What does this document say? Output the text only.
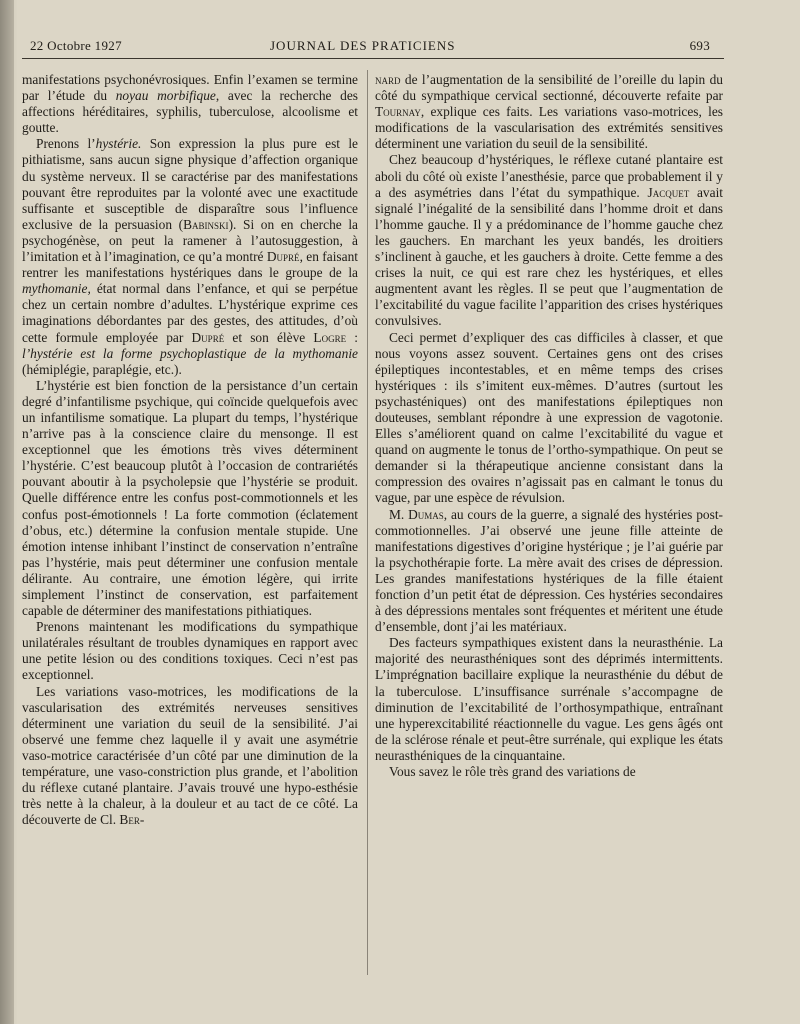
22 Octobre 1927	JOURNAL DES PRATICIENS	693

manifestations psychonévrosiques. Enfin l’examen se termine par l’étude du noyau morbifique, avec la recherche des affections héréditaires, syphilis, tuberculose, alcoolisme et goutte.

Prenons l’hystérie. Son expression la plus pure est le pithiatisme, sans aucun signe physique d’affection organique du système nerveux. Il se caractérise par des manifestations pouvant être reproduites par la volonté avec une exactitude suffisante et susceptible de disparaître sous l’influence exclusive de la persuasion (Babinski). Si on en cherche la psychogénèse, on peut la ramener à l’autosuggestion, à l’imitation et à l’imagination, ce qu’a montré Dupré, en faisant rentrer les manifestations hystériques dans le groupe de la mythomanie, état normal dans l’enfance, et qui se perpétue chez un certain nombre d’adultes. L’hystérique exprime ces imaginations débordantes par des gestes, des attitudes, d’où cette formule employée par Dupré et son élève Logre : l’hystérie est la forme psychoplastique de la mythomanie (hémiplégie, paraplégie, etc.).

L’hystérie est bien fonction de la persistance d’un certain degré d’infantilisme psychique, qui coïncide quelquefois avec un infantilisme somatique. La plupart du temps, l’hystérique n’arrive pas à la conscience claire du mensonge. Il est exceptionnel que les émotions très vives déterminent l’hystérie. C’est beaucoup plutôt à l’occasion de contrariétés pouvant aboutir à la psycholepsie que l’hystérie se produit. Quelle différence entre les confus post-commotionnels et les confus post-émotionnels ! La forte commotion (éclatement d’obus, etc.) détermine la confusion mentale stupide. Une émotion intense inhibant l’instinct de conservation n’entraîne pas l’hystérie, mais peut déterminer une confusion mentale délirante. Au contraire, une émotion légère, qui irrite simplement l’instinct de conservation, est parfaitement capable de déterminer des manifestations pithiatiques.

Prenons maintenant les modifications du sympathique unilatérales résultant de troubles dynamiques en rapport avec une petite lésion ou des conditions toxiques. Ceci n’est pas exceptionnel.

Les variations vaso-motrices, les modifications de la vascularisation des extrémités nerveuses sensitives déterminent une variation du seuil de la sensibilité. J’ai observé une femme chez laquelle il y avait une asymétrie vaso-motrice caractérisée d’un côté par une diminution de la température, une vaso-constriction plus grande, et l’abolition du réflexe cutané plantaire. J’avais trouvé une hypo-esthésie très nette à la chaleur, à la douleur et au tact de ce côté. La découverte de Cl. Ber-

nard de l’augmentation de la sensibilité de l’oreille du lapin du côté du sympathique cervical sectionné, découverte refaite par Tournay, explique ces faits. Les variations vaso-motrices, les modifications de la vascularisation des extrémités sensitives déterminent une variation du seuil de la sensibilité.

Chez beaucoup d’hystériques, le réflexe cutané plantaire est aboli du côté où existe l’anesthésie, parce que probablement il y a des asymétries dans l’état du sympathique. Jacquet avait signalé l’inégalité de la sensibilité dans l’homme droit et dans l’homme gauche. Il y a prédominance de l’homme gauche chez les gauchers. En marchant les yeux bandés, les droitiers s’inclinent à gauche, et les gauchers à droite. Cette femme a des crises la nuit, ce qui est rare chez les hystériques, et elles augmentent avant les règles. Il se peut que l’augmentation de l’excitabilité du vague facilite l’apparition des crises hystériques convulsives.

Ceci permet d’expliquer des cas difficiles à classer, et que nous voyons assez souvent. Certaines gens ont des crises épileptiques incontestables, et en même temps des crises hystériques : ils s’imitent eux-mêmes. D’autres (surtout les psychasténiques) ont des manifestations épileptiques non douteuses, semblant répondre à une expression de vagotonie. Elles s’améliorent quand on calme l’excitabilité du vague et quand on augmente le tonus de l’ortho-sympathique. On peut se demander si la thérapeutique ancienne consistant dans la compression des ovaires n’agissait pas en calmant le tonus du vague, par une espèce de révulsion.

M. Dumas, au cours de la guerre, a signalé des hystéries post-commotionnelles. J’ai observé une jeune fille atteinte de manifestations digestives d’origine hystérique ; je l’ai guérie par la psychothérapie forte. La mère avait des crises de dépression. Les grandes manifestations hystériques de la fille étaient fonction d’un petit état de dépression. Ces hystéries secondaires à des dépressions mentales sont fréquentes et méritent une étude d’ensemble, dont j’ai les matériaux.

Des facteurs sympathiques existent dans la neurasthénie. La majorité des neurasthéniques sont des déprimés intermittents. L’imprégnation bacillaire explique la neurasthénie du début de la tuberculose. L’insuffisance surrénale s’accompagne de diminution de l’excitabilité de l’orthosympathique, entraînant une hyperexcitabilité réactionnelle du vague. Les gens âgés ont de la sclérose rénale et peut-être surrénale, qui explique les états neurasthéniques de la cinquantaine.

Vous savez le rôle très grand des variations de
